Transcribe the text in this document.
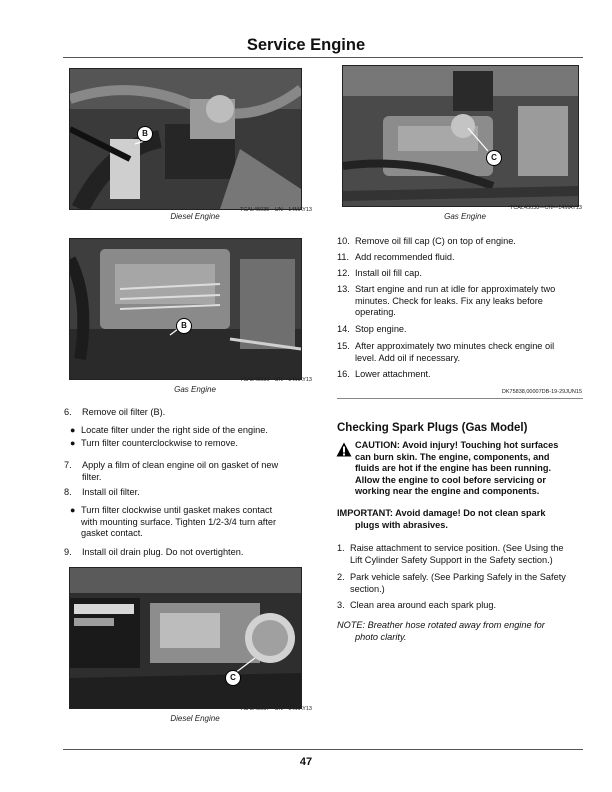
Service Engine
B
TCAL45035—UN—14MAY13
Diesel Engine
C
TCAL45038—UN—14MAY13
Gas Engine
B
TCAL45036—UN—14MAY13
Gas Engine
6. Remove oil filter (B).
● Locate filter under the right side of the engine.
● Turn filter counterclockwise to remove.
7. Apply a film of clean engine oil on gasket of new
filter.
8. Install oil filter.
● Turn filter clockwise until gasket makes contact
with mounting surface. Tighten 1/2-3/4 turn after
gasket contact.
9. Install oil drain plug. Do not overtighten.
C
TCAL45037—UN—14MAY13
Diesel Engine
10. Remove oil fill cap (C) on top of engine.
11. Add recommended fluid.
12. Install oil fill cap.
13. Start engine and run at idle for approximately two
minutes. Check for leaks. Fix any leaks before
operating.
14. Stop engine.
15. After approximately two minutes check engine oil
level. Add oil if necessary.
16. Lower attachment.
DK75838,00007DB-19-29JUN15
Checking Spark Plugs (Gas Model)
CAUTION: Avoid injury! Touching hot surfaces
can burn skin. The engine, components, and
fluids are hot if the engine has been running.
Allow the engine to cool before servicing or
working near the engine and components.
IMPORTANT: Avoid damage! Do not clean spark
plugs with abrasives.
1. Raise attachment to service position. (See Using the
Lift Cylinder Safety Support in the Safety section.)
2. Park vehicle safely. (See Parking Safely in the Safety
section.)
3. Clean area around each spark plug.
NOTE: Breather hose rotated away from engine for
photo clarity.
47
